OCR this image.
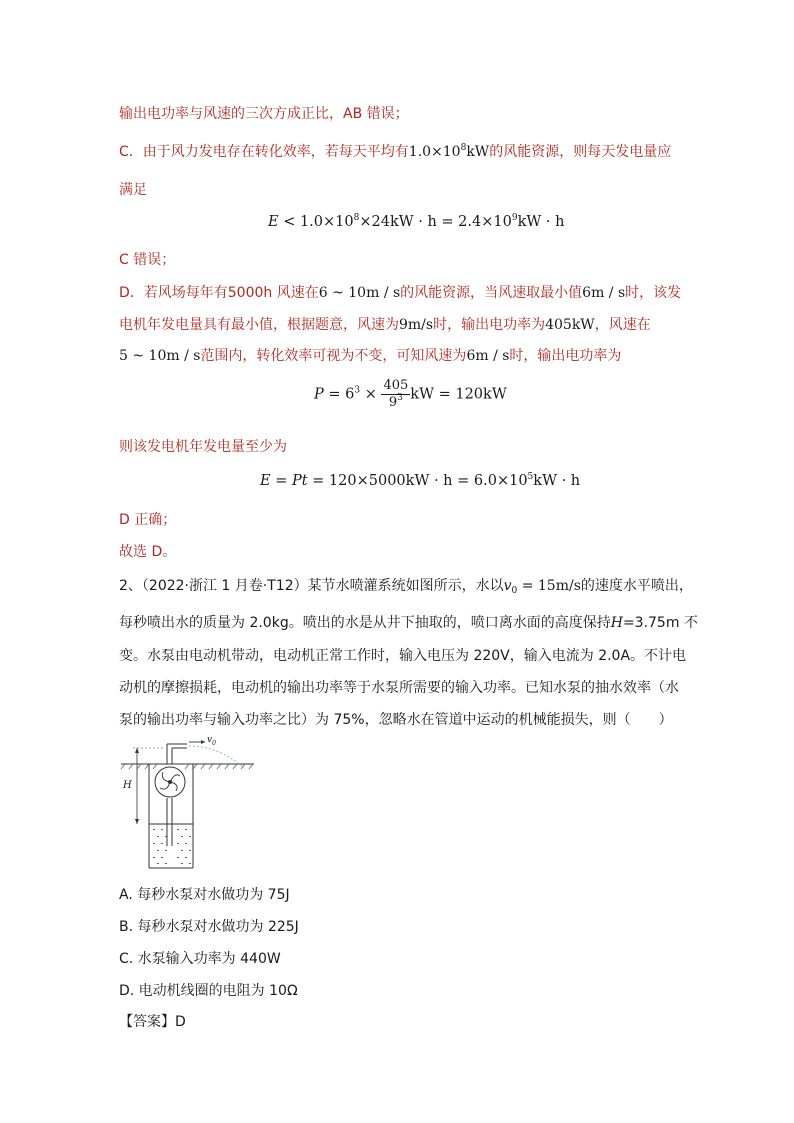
输出电功率与风速的三次方成正比，AB 错误；
C．由于风力发电存在转化效率，若每天平均有$1.0\times 10^8kW$的风能资源，则每天发电量应
满足
$E < 1.0\times 10^8\times 24kW \cdot h = 2.4\times 10^9kW \cdot h$
C 错误；
D．若风场每年有5000h 风速在6 ~ 10m / s的风能资源，当风速取最小值6m / s时，该发
电机年发电量具有最小值，根据题意，风速为9m/s时，输出电功率为405kW，风速在
5 ~ 10m / s范围内，转化效率可视为不变，可知风速为6m / s时，输出电功率为
$P = 6^3 \times \frac{405}{9^3}$ kW = 120kW
则该发电机年发电量至少为
$E = Pt = 120\times 5000kW \cdot h = 6.0\times 10^5kW \cdot h$
D 正确；
故选 D。
2、（2022·浙江 1 月卷·T12）某节水喷灌系统如图所示，水以$v_0 = 15m/s$的速度水平喷出，
每秒喷出水的质量为 2.0kg。喷出的水是从井下抽取的，喷口离水面的高度保持H=3.75m 不
变。水泵由电动机带动，电动机正常工作时，输入电压为 220V，输入电流为 2.0A。不计电
动机的摩擦损耗，电动机的输出功率等于水泵所需要的输入功率。已知水泵的抽水效率（水
泵的输出功率与输入功率之比）为 75%，忽略水在管道中运动的机械能损失，则（　　）
$v_0$
H
A. 每秒水泵对水做功为 75J
B. 每秒水泵对水做功为 225J
C. 水泵输入功率为 440W
D. 电动机线圈的电阻为 10Ω
【答案】D
